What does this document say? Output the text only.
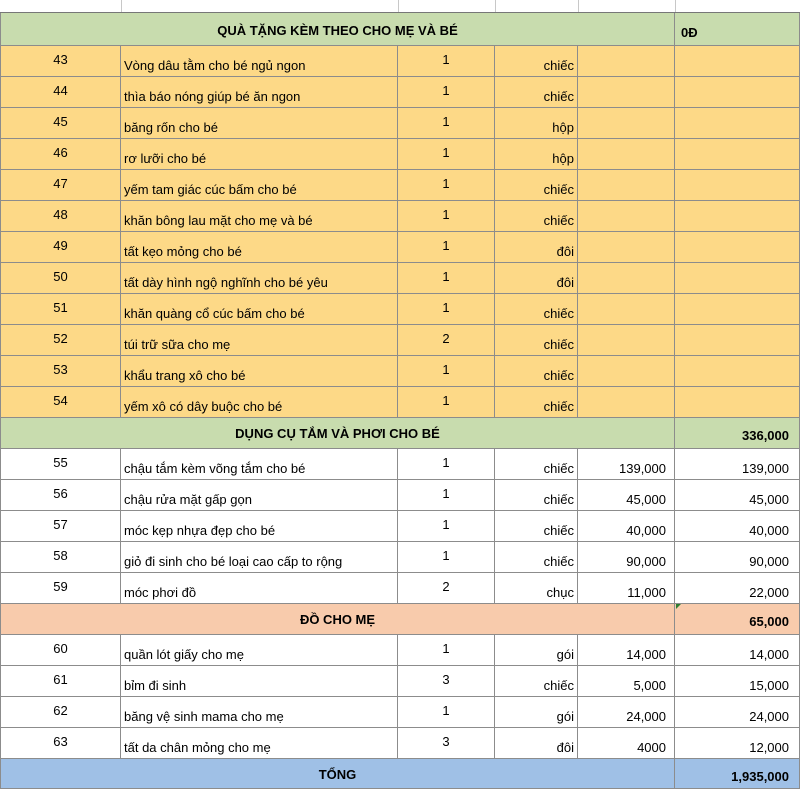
QUÀ TẶNG KÈM THEO CHO MẸ VÀ BÉ	0Đ
43	Vòng dâu tằm cho bé ngủ ngon	1	chiếc
44	thìa báo nóng giúp bé ăn ngon	1	chiếc
45	băng rốn cho bé	1	hộp
46	rơ lưỡi cho bé	1	hộp
47	yếm tam giác cúc bấm cho bé	1	chiếc
48	khăn bông lau mặt cho mẹ và bé	1	chiếc
49	tất kẹo mỏng cho bé	1	đôi
50	tất dày hình ngộ nghĩnh cho bé yêu	1	đôi
51	khăn quàng cổ cúc bấm cho bé	1	chiếc
52	túi trữ sữa cho mẹ	2	chiếc
53	khẩu trang xô cho bé	1	chiếc
54	yếm xô có dây buộc cho bé	1	chiếc
DỤNG CỤ TẮM VÀ PHƠI CHO BÉ	336,000
55	chậu tắm kèm võng tắm cho bé	1	chiếc	139,000	139,000
56	chậu rửa mặt gấp gọn	1	chiếc	45,000	45,000
57	móc kẹp nhựa đẹp cho bé	1	chiếc	40,000	40,000
58	giỏ đi sinh cho bé loại cao cấp to rộng	1	chiếc	90,000	90,000
59	móc phơi đồ	2	chục	11,000	22,000
ĐỒ CHO MẸ	65,000
60	quần lót giấy cho mẹ	1	gói	14,000	14,000
61	bỉm đi sinh	3	chiếc	5,000	15,000
62	băng vệ sinh mama cho mẹ	1	gói	24,000	24,000
63	tất da chân mỏng cho mẹ	3	đôi	4000	12,000
TỔNG	1,935,000
